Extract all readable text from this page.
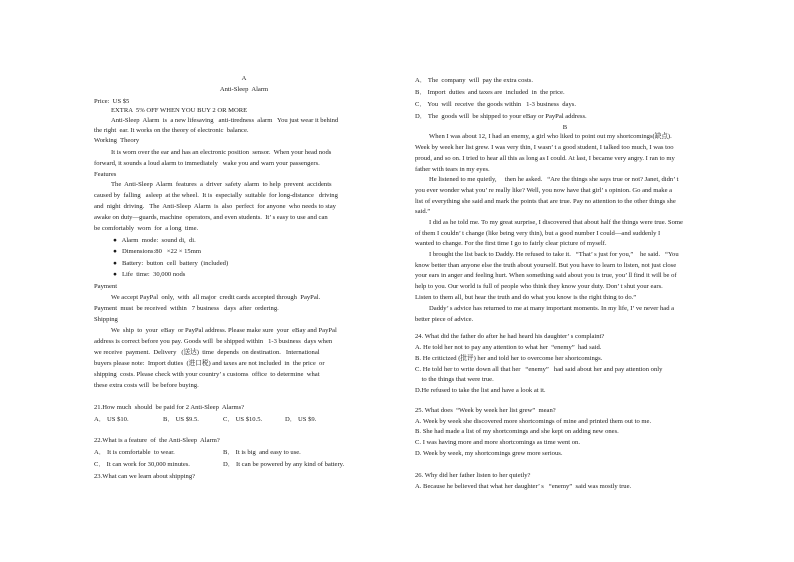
A
Anti-Sleep  Alarm
Price:  US $5
EXTRA  5% OFF WHEN YOU BUY 2 OR MORE
Anti-Sleep  Alarm  is  a new lifesaving   anti-tiredness  alarm   You just wear it behind
the right  ear. It works on the theory of electronic  balance.
Working  Theory
It is worn over the ear and has an electronic position  sensor.  When your head nods
forward, it sounds a loud alarm to immediately   wake you and warn your passengers.
Features
The  Anti-Sleep  Alarm  features  a  driver  safety  alarm  to help  prevent  accidents
caused by  falling   asleep  at the wheel.  It is  especially  suitable  for long-distance   driving
and  night  driving.   The  Anti-Sleep  Alarm  is  also  perfect  for anyone  who needs to stay
awake on duty—guards, machine  operators, and even students.  It’ s easy to use and can
be comfortably  worn  for  a long  time.
● Alarm  mode:  sound di,  di.
● Dimensions:80   ×22 × 15mm
● Battery:  button  cell  battery  (included)
● Life  time:  30,000 nods
Payment
We accept PayPal  only,  with  all major  credit cards accepted through  PayPal.
Payment  must  be received  within   7 business   days  after  ordering.
Shipping
We  ship  to  your  eBay  or PayPal address. Please make sure  your  eBay and PayPal
address is correct before you pay. Goods will  be shipped within   1-3 business  days when
we receive  payment.  Delivery   (送达)  time  depends  on destination.   International
buyers please note:  Import duties  (进口税) and taxes are not included  in  the price  or
shipping  costs. Please check with your country’ s customs  office  to determine  what
these extra costs will  be before buying.
21.How much  should  be paid for 2 Anti-Sleep  Alarms?
A． US $10.	B． US $9.5.	C． US $10.5.	D． US $9.
22.What is a feature  of  the Anti-Sleep  Alarm?
A． It is comfortable  to wear.	B． It is big  and easy to use.
C． It can work for 30,000 minutes.	D． It can be powered by any kind of battery.
23.What can we learn about shipping?
A． The  company  will  pay the extra costs.
B． Import  duties  and taxes are  included  in  the price.
C． You  will  receive  the goods within   1-3 business  days.
D． The  goods will  be shipped to your eBay or PayPal address.
B
When I was about 12, I had an enemy, a girl who liked to point out my shortcomings(缺点).
Week by week her list grew. I was very thin, I wasn’ t a good student, I talked too much, I was too
proud, and so on. I tried to hear all this as long as I could. At last, I became very angry. I ran to my
father with tears in my eyes.
He listened to me quietly,     then he asked.   “Are the things she says true or not? Janet, didn’ t
you ever wonder what you’ re really like? Well, you now have that girl’ s opinion. Go and make a
list of everything she said and mark the points that are true. Pay no attention to the other things she
said.”
I did as he told me. To my great surprise, I discovered that about half the things were true. Some
of them I couldn’ t change (like being very thin), but a good number I could—and suddenly I
wanted to change. For the first time I go to fairly clear picture of myself.
I brought the list back to Daddy. He refused to take it.   “That’ s just for you,”    he said.   “You
know better than anyone else the truth about yourself. But you have to learn to listen, not just close
your ears in anger and feeling hurt. When something said about you is true, you’ ll find it will be of
help to you. Our world is full of people who think they know your duty. Don’ t shut your ears.
Listen to them all, but hear the truth and do what you know is the right thing to do.”
Daddy’ s advice has returned to me at many important moments. In my life, I’ ve never had a
better piece of advice.
24. What did the father do after he had heard his daughter’ s complaint?
A. He told her not to pay any attention to what her  “enemy”  had said.
B. He criticized (批评) her and told her to overcome her shortcomings.
C. He told her to write down all that her   “enemy”   had said about her and pay attention only
to the things that were true.
D.He refused to take the list and have a look at it.
25. What does  “Week by week her list grew”  mean?
A. Week by week she discovered more shortcomings of mine and printed them out to me.
B. She had made a list of my shortcomings and she kept on adding new ones.
C. I was having more and more shortcomings as time went on.
D. Week by week, my shortcomings grew more serious.
26. Why did her father listen to her quietly?
A. Because he believed that what her daughter’ s   “enemy”  said was mostly true.
